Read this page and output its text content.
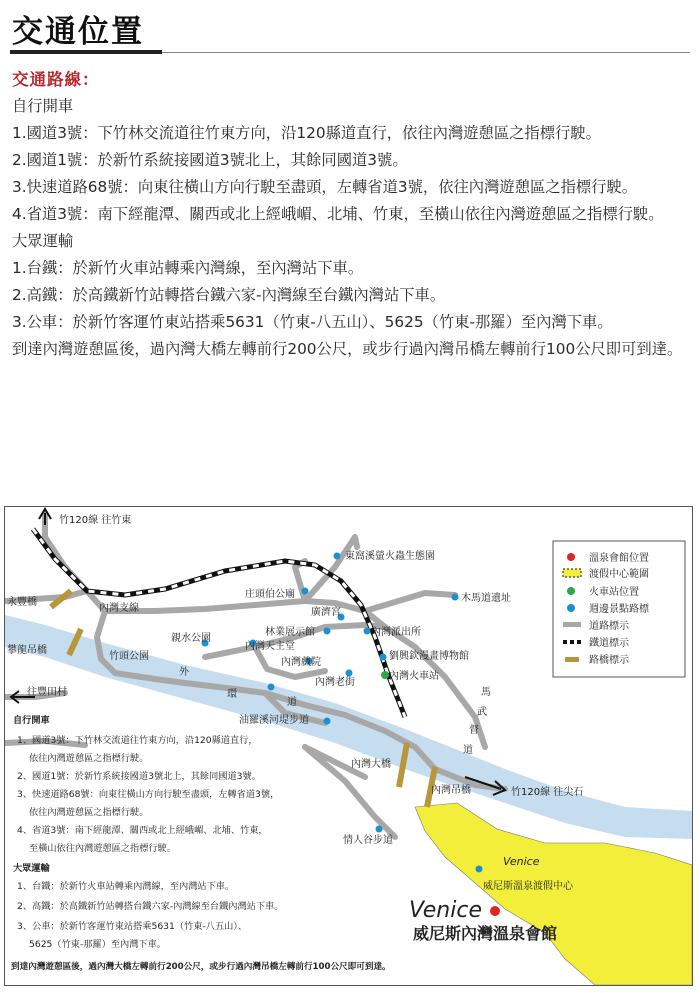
交通位置

交通路線：

自行開車

1.國道3號：下竹林交流道往竹東方向，沿120縣道直行，依往內灣遊憩區之指標行駛。

2.國道1號：於新竹系統接國道3號北上，其餘同國道3號。

3.快速道路68號：向東往橫山方向行駛至盡頭，左轉省道3號，依往內灣遊憩區之指標行駛。

4.省道3號：南下經龍潭、關西或北上經峨嵋、北埔、竹東，至橫山依往內灣遊憩區之指標行駛。

大眾運輸

1.台鐵：於新竹火車站轉乘內灣線，至內灣站下車。

2.高鐵：於高鐵新竹站轉搭台鐵六家-內灣線至台鐵內灣站下車。

3.公車：於新竹客運竹東站搭乘5631（竹東-八五山）、5625（竹東-那羅）至內灣下車。

到達內灣遊憩區後，過內灣大橋左轉前行200公尺，或步行過內灣吊橋左轉前行100公尺即可到達。

竹120線 往竹東
東窩溪螢火蟲生態園
永豐橋
內灣支線
庄頭伯公廟
廣濟宮
木馬道遺址
攀龍吊橋
親水公園
林業展示館
內灣天主堂
內灣派出所
竹頭公園
外
劉興欽漫畫博物館
內灣戲院
內灣老街
內灣火車站
環
道
往豐田村	馬
武
督
道
油羅溪河堤步道
內灣大橋
內灣吊橋	竹120線 往尖石
情人谷步道
威尼斯溫泉渡假中心
Venice
Venice
威尼斯內灣溫泉會館
溫泉會館位置
渡假中心範圍
火車站位置
週邊景點路標
道路標示
鐵道標示
路橋標示
自行開車
1、國道3號：下竹林交流道往竹東方向，沿120縣道直行，
依往內灣遊憩區之指標行駛。
2、國道1號：於新竹系統接國道3號北上，其餘同國道3號。
3、快速道路68號：向東往橫山方向行駛至盡頭，左轉省道3號，
依往內灣遊憩區之指標行駛。
4、省道3號：南下經龍潭、關西或北上經峨嵋、北埔、竹東，
至橫山依往內灣遊憩區之指標行駛。
大眾運輸
1、台鐵：於新竹火車站轉乘內灣線，至內灣站下車。
2、高鐵：於高鐵新竹站轉搭台鐵六家-內灣線至台鐵內灣站下車。
3、公車：於新竹客運竹東站搭乘5631（竹東-八五山）、
5625（竹東-那羅）至內灣下車。
到達內灣遊憩區後，過內灣大橋左轉前行200公尺，或步行過內灣吊橋左轉前行100公尺即可到達。
